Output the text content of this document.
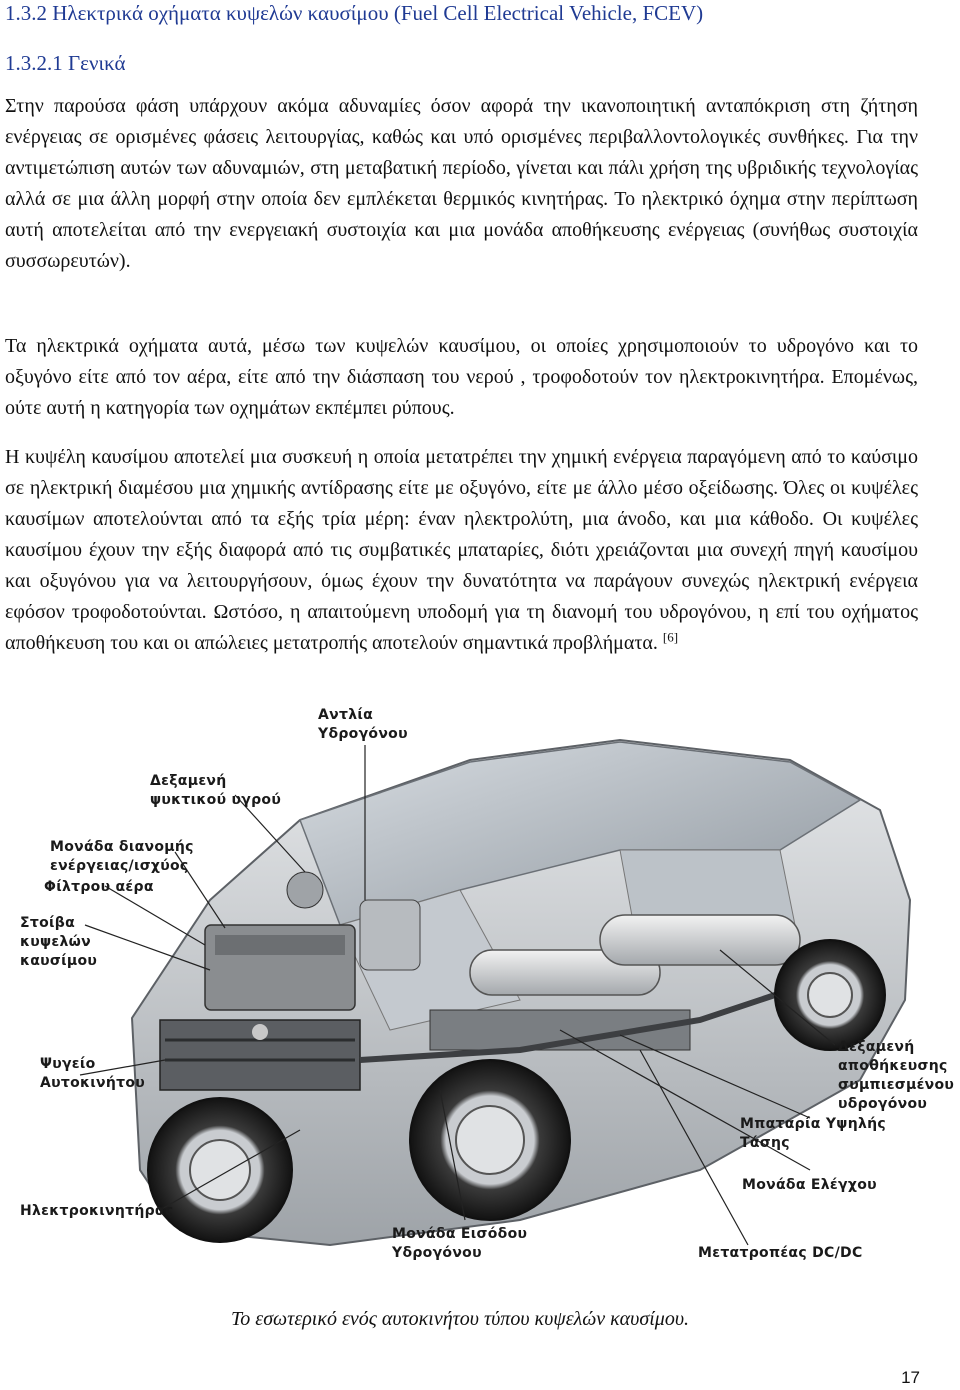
1.3.2 Ηλεκτρικά οχήματα κυψελών καυσίμου (Fuel Cell Electrical Vehicle, FCEV)
1.3.2.1 Γενικά
Στην παρούσα φάση υπάρχουν ακόμα αδυναμίες όσον αφορά την ικανοποιητική ανταπόκριση στη ζήτηση ενέργειας σε ορισμένες φάσεις λειτουργίας, καθώς και υπό ορισμένες περιβαλλοντολογικές συνθήκες. Για την αντιμετώπιση αυτών των αδυναμιών, στη μεταβατική περίοδο, γίνεται και πάλι χρήση της υβριδικής τεχνολογίας αλλά σε μια άλλη μορφή στην οποία δεν εμπλέκεται θερμικός κινητήρας. Το ηλεκτρικό όχημα στην περίπτωση αυτή αποτελείται από την ενεργειακή συστοιχία και μια μονάδα αποθήκευσης ενέργειας (συνήθως συστοιχία συσσωρευτών).
Τα ηλεκτρικά οχήματα αυτά, μέσω των κυψελών καυσίμου, οι οποίες χρησιμοποιούν το υδρογόνο και το οξυγόνο είτε από τον αέρα, είτε από την διάσπαση του νερού , τροφοδοτούν τον ηλεκτροκινητήρα. Επομένως, ούτε αυτή η κατηγορία των οχημάτων εκπέμπει ρύπους.
Η κυψέλη καυσίμου αποτελεί μια συσκευή η οποία μετατρέπει την χημική ενέργεια παραγόμενη από το καύσιμο σε ηλεκτρική διαμέσου μια χημικής αντίδρασης είτε με οξυγόνο, είτε με άλλο μέσο οξείδωσης. Όλες οι κυψέλες καυσίμων αποτελούνται από τα εξής τρία μέρη: έναν ηλεκτρολύτη, μια άνοδο, και μια κάθοδο. Οι κυψέλες καυσίμου έχουν την εξής διαφορά από τις συμβατικές μπαταρίες, διότι χρειάζονται μια συνεχή πηγή καυσίμου και οξυγόνου για να λειτουργήσουν, όμως έχουν την δυνατότητα να παράγουν συνεχώς ηλεκτρική ενέργεια εφόσον τροφοδοτούνται. Ωστόσο, η απαιτούμενη υποδομή για τη διανομή του υδρογόνου, η επί του οχήματος αποθήκευση του και οι απώλειες μετατροπής αποτελούν σημαντικά προβλήματα. [6]
Αντλία
Υδρογόνου
Δεξαμενή
ψυκτικού υγρού
Μονάδα διανομής
ενέργειας/ισχύος
Φίλτρου αέρα
Στοίβα
κυψελών
καυσίμου
Ψυγείο
Αυτοκινήτου
Ηλεκτροκινητήρας
Μονάδα Εισόδου
Υδρογόνου	Μετατροπέας DC/DC
Μονάδα Ελέγχου
Μπαταρία Υψηλής
Τάσης
Δεξαμενή
αποθήκευσης
συμπιεσμένου
υδρογόνου
Το εσωτερικό ενός αυτοκινήτου τύπου κυψελών καυσίμου.
17
